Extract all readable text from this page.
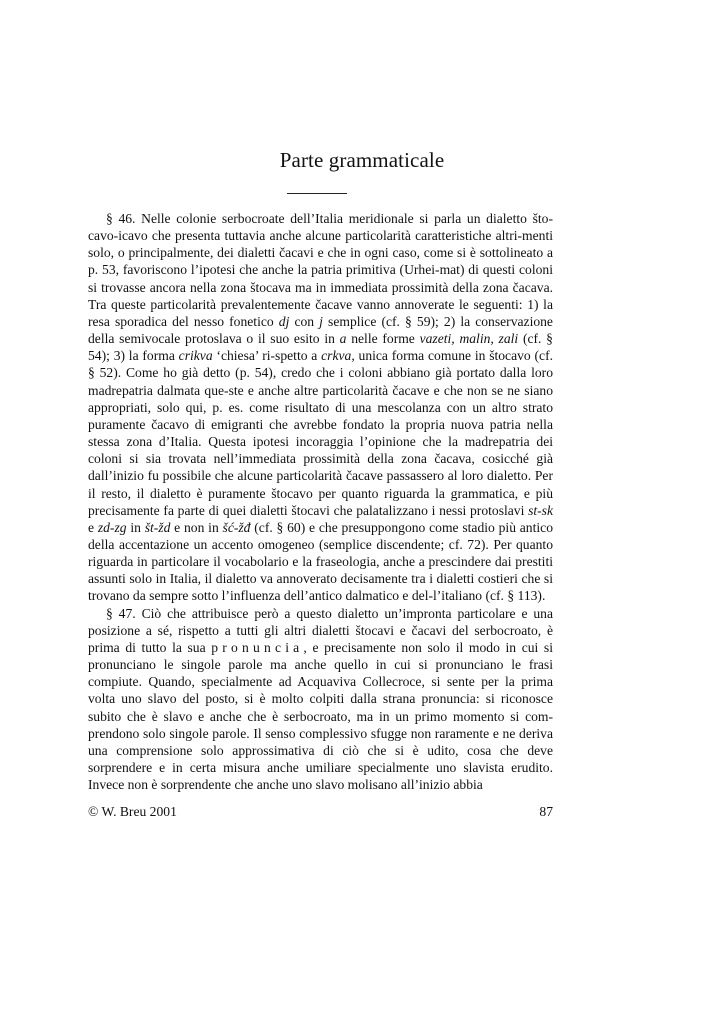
Parte grammaticale

§ 46. Nelle colonie serbocroate dell’Italia meridionale si parla un dialetto što-cavo-icavo che presenta tuttavia anche alcune particolarità caratteristiche altri-menti solo, o principalmente, dei dialetti čacavi e che in ogni caso, come si è sottolineato a p. 53, favoriscono l’ipotesi che anche la patria primitiva (Urhei-mat) di questi coloni si trovasse ancora nella zona štocava ma in immediata prossimità della zona čacava. Tra queste particolarità prevalentemente čacave vanno annoverate le seguenti: 1) la resa sporadica del nesso fonetico dj con j semplice (cf. § 59); 2) la conservazione della semivocale protoslava o il suo esito in a nelle forme vazeti, malin, zali (cf. § 54); 3) la forma crikva ‘chiesa’ ri-spetto a crkva, unica forma comune in štocavo (cf. § 52). Come ho già detto (p. 54), credo che i coloni abbiano già portato dalla loro madrepatria dalmata que-ste e anche altre particolarità čacave e che non se ne siano appropriati, solo qui, p. es. come risultato di una mescolanza con un altro strato puramente čacavo di emigranti che avrebbe fondato la propria nuova patria nella stessa zona d’Italia. Questa ipotesi incoraggia l’opinione che la madrepatria dei coloni si sia trovata nell’immediata prossimità della zona čacava, cosicché già dall’inizio fu possibile che alcune particolarità čacave passassero al loro dialetto. Per il resto, il dialetto è puramente štocavo per quanto riguarda la grammatica, e più precisamente fa parte di quei dialetti štocavi che palatalizzano i nessi protoslavi st-sk e zd-zg in št-žd e non in šć-žđ (cf. § 60) e che presuppongono come stadio più antico della accentazione un accento omogeneo (semplice discendente; cf. 72). Per quanto riguarda in particolare il vocabolario e la fraseologia, anche a prescindere dai prestiti assunti solo in Italia, il dialetto va annoverato decisamente tra i dialetti costieri che si trovano da sempre sotto l’influenza dell’antico dalmatico e del-l’italiano (cf. § 113).

§ 47. Ciò che attribuisce però a questo dialetto un’impronta particolare e una posizione a sé, rispetto a tutti gli altri dialetti štocavi e čacavi del serbocroato, è prima di tutto la sua pronuncia, e precisamente non solo il modo in cui si pronunciano le singole parole ma anche quello in cui si pronunciano le frasi compiute. Quando, specialmente ad Acquaviva Collecroce, si sente per la prima volta uno slavo del posto, si è molto colpiti dalla strana pronuncia: si riconosce subito che è slavo e anche che è serbocroato, ma in un primo momento si com-prendono solo singole parole. Il senso complessivo sfugge non raramente e ne deriva una comprensione solo approssimativa di ciò che si è udito, cosa che deve sorprendere e in certa misura anche umiliare specialmente uno slavista erudito. Invece non è sorprendente che anche uno slavo molisano all’inizio abbia

© W. Breu 2001	87
